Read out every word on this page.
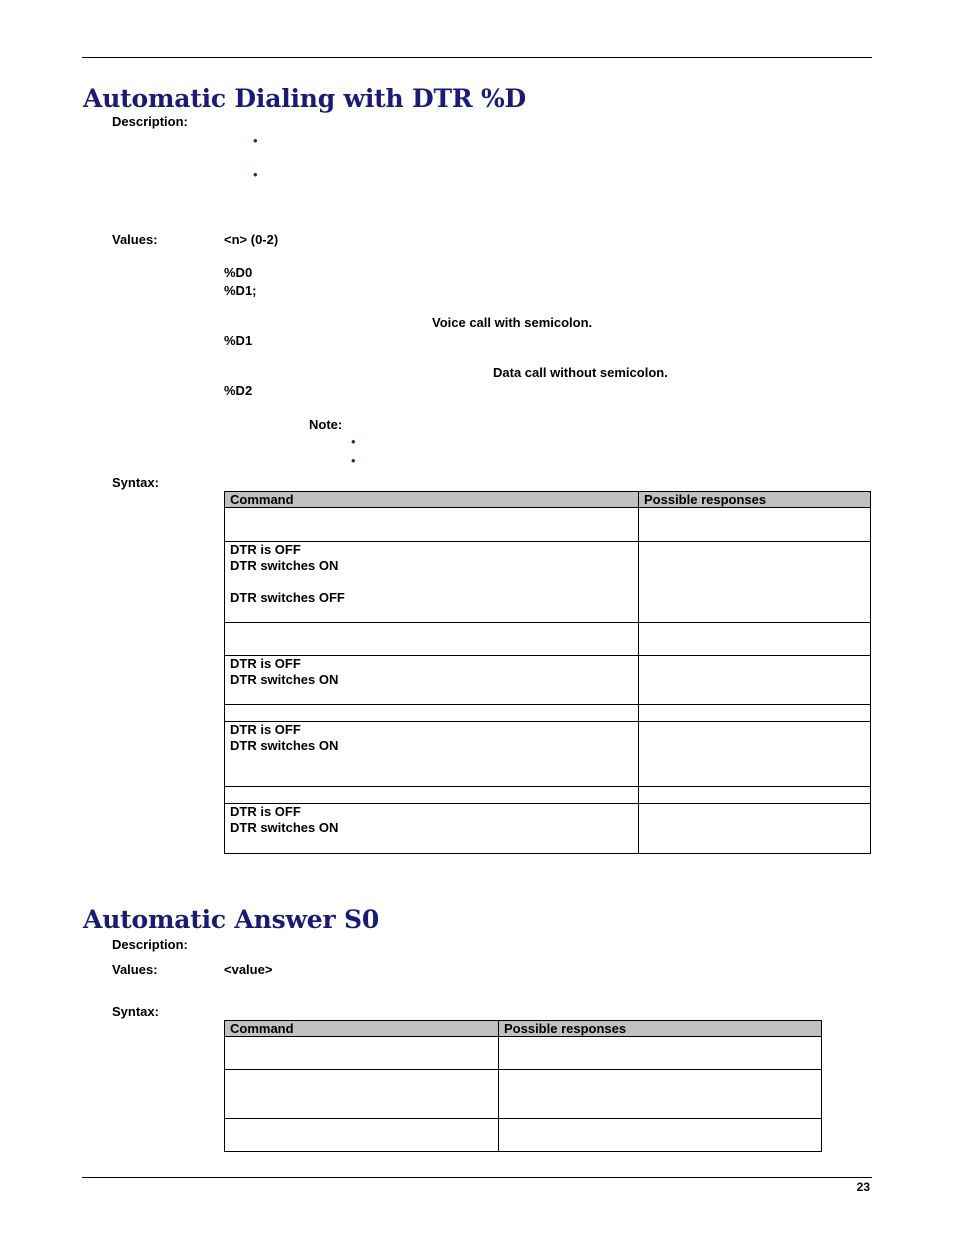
Automatic Dialing with DTR %D
Description:
•
•
Values:	<n> (0-2)
%D0
%D1;
Voice call with semicolon.
%D1
Data call without semicolon.
%D2
Note:
•
•
Syntax:
Command	Possible responses

DTR is OFF
DTR switches ON
DTR switches OFF	

DTR is OFF
DTR switches ON	

DTR is OFF
DTR switches ON	

DTR is OFF
DTR switches ON	

Automatic Answer S0
Description:
Values:	<value>
Syntax:
Command	Possible responses

23
